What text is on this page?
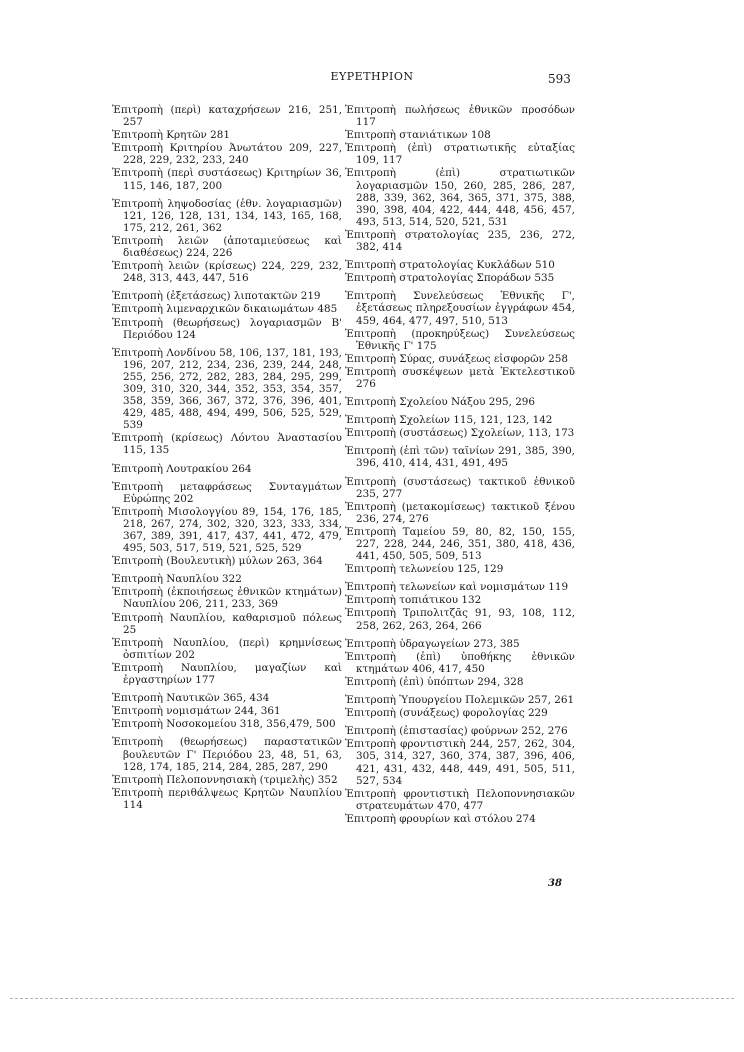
ΕΥΡΕΤΗΡΙΟΝ	593
Ἐπιτροπὴ (περὶ) καταχρήσεων 216, 251, 257
Ἐπιτροπὴ Κρητῶν 281
Ἐπιτροπὴ Κριτηρίου Ἀνωτάτου 209, 227, 228, 229, 232, 233, 240
Ἐπιτροπὴ (περὶ συστάσεως) Κριτηρίων 36, 115, 146, 187, 200
Ἐπιτροπὴ ληψοδοσίας (ἐθν. λογαριασμῶν) 121, 126, 128, 131, 134, 143, 165, 168, 175, 212, 261, 362
Ἐπιτροπὴ λειῶν (ἀποταμιεύσεως καὶ διαθέσεως) 224, 226
Ἐπιτροπὴ λειῶν (κρίσεως) 224, 229, 232, 248, 313, 443, 447, 516
Ἐπιτροπὴ (ἐξετάσεως) λιποτακτῶν 219
Ἐπιτροπὴ λιμεναρχικῶν δικαιωμάτων 485
Ἐπιτροπὴ (θεωρήσεως) λογαριασμῶν Β' Περιόδου 124
Ἐπιτροπὴ Λονδίνου 58, 106, 137, 181, 193, 196, 207, 212, 234, 236, 239, 244, 248, 255, 256, 272, 282, 283, 284, 295, 299, 309, 310, 320, 344, 352, 353, 354, 357, 358, 359, 366, 367, 372, 376, 396, 401, 429, 485, 488, 494, 499, 506, 525, 529, 539
Ἐπιτροπὴ (κρίσεως) Λόντου Ἀναστασίου 115, 135
Ἐπιτροπὴ Λουτρακίου 264
Ἐπιτροπὴ μεταφράσεως Συνταγμάτων Εὐρώπης 202
Ἐπιτροπὴ Μισολογγίου 89, 154, 176, 185, 218, 267, 274, 302, 320, 323, 333, 334, 367, 389, 391, 417, 437, 441, 472, 479, 495, 503, 517, 519, 521, 525, 529
Ἐπιτροπὴ (Βουλευτικὴ) μύλων 263, 364
Ἐπιτροπὴ Ναυπλίου 322
Ἐπιτροπὴ (ἐκποιήσεως ἐθνικῶν κτημάτων) Ναυπλίου 206, 211, 233, 369
Ἐπιτροπὴ Ναυπλίου, καθαρισμοῦ πόλεως 25
Ἐπιτροπὴ Ναυπλίου, (περὶ) κρημνίσεως ὀσπιτίων 202
Ἐπιτροπὴ Ναυπλίου, μαγαζίων καὶ ἐργαστηρίων 177
Ἐπιτροπὴ Ναυτικῶν 365, 434
Ἐπιτροπὴ νομισμάτων 244, 361
Ἐπιτροπὴ Νοσοκομείου 318, 356,479, 500
Ἐπιτροπὴ (θεωρήσεως) παραστατικῶν βουλευτῶν Γ' Περιόδου 23, 48, 51, 63, 128, 174, 185, 214, 284, 285, 287, 290
Ἐπιτροπὴ Πελοποννησιακὴ (τριμελὴς) 352
Ἐπιτροπὴ περιθάλψεως Κρητῶν Ναυπλίου 114
Ἐπιτροπὴ πωλήσεως ἐθνικῶν προσόδων 117
Ἐπιτροπὴ στανιάτικων 108
Ἐπιτροπὴ (ἐπὶ) στρατιωτικῆς εὐταξίας 109, 117
Ἐπιτροπὴ (ἐπὶ) στρατιωτικῶν λογαριασμῶν 150, 260, 285, 286, 287, 288, 339, 362, 364, 365, 371, 375, 388, 390, 398, 404, 422, 444, 448, 456, 457, 493, 513, 514, 520, 521, 531
Ἐπιτροπὴ στρατολογίας 235, 236, 272, 382, 414
Ἐπιτροπὴ στρατολογίας Κυκλάδων 510
Ἐπιτροπὴ στρατολογίας Σποράδων 535
Ἐπιτροπὴ Συνελεύσεως Ἐθνικῆς Γ', ἐξετάσεως πληρεξουσίων ἐγγράφων 454, 459, 464, 477, 497, 510, 513
Ἐπιτροπὴ (προκηρύξεως) Συνελεύσεως Ἐθνικῆς Γ' 175
Ἐπιτροπὴ Σύρας, συνάξεως εἰσφορῶν 258
Ἐπιτροπὴ συσκέψεων μετὰ Ἐκτελεστικοῦ 276
Ἐπιτροπὴ Σχολείου Νάξου 295, 296
Ἐπιτροπὴ Σχολείων 115, 121, 123, 142
Ἐπιτροπὴ (συστάσεως) Σχολείων, 113, 173
Ἐπιτροπὴ (ἐπὶ τῶν) ταϊνίων 291, 385, 390, 396, 410, 414, 431, 491, 495
Ἐπιτροπὴ (συστάσεως) τακτικοῦ ἐθνικοῦ 235, 277
Ἐπιτροπὴ (μετακομίσεως) τακτικοῦ ξένου 236, 274, 276
Ἐπιτροπὴ Ταμείου 59, 80, 82, 150, 155, 227, 228, 244, 246, 351, 380, 418, 436, 441, 450, 505, 509, 513
Ἐπιτροπὴ τελωνείου 125, 129
Ἐπιτροπὴ τελωνείων καὶ νομισμάτων 119
Ἐπιτροπὴ τοπιάτικου 132
Ἐπιτροπὴ Τριπολιτζᾶς 91, 93, 108, 112, 258, 262, 263, 264, 266
Ἐπιτροπὴ ὑδραγωγείων 273, 385
Ἐπιτροπὴ (ἐπὶ) ὑποθήκης ἐθνικῶν κτημάτων 406, 417, 450
Ἐπιτροπὴ (ἐπὶ) ὑπόπτων 294, 328
Ἐπιτροπὴ Ὑπουργείου Πολεμικῶν 257, 261
Ἐπιτροπὴ (συνάξεως) φορολογίας 229
Ἐπιτροπὴ (ἐπιστασίας) φούρνων 252, 276
Ἐπιτροπὴ φροντιστικὴ 244, 257, 262, 304, 305, 314, 327, 360, 374, 387, 396, 406, 421, 431, 432, 448, 449, 491, 505, 511, 527, 534
Ἐπιτροπὴ φροντιστικὴ Πελοποννησιακῶν στρατευμάτων 470, 477
Ἐπιτροπὴ φρουρίων καὶ στόλου 274
38
